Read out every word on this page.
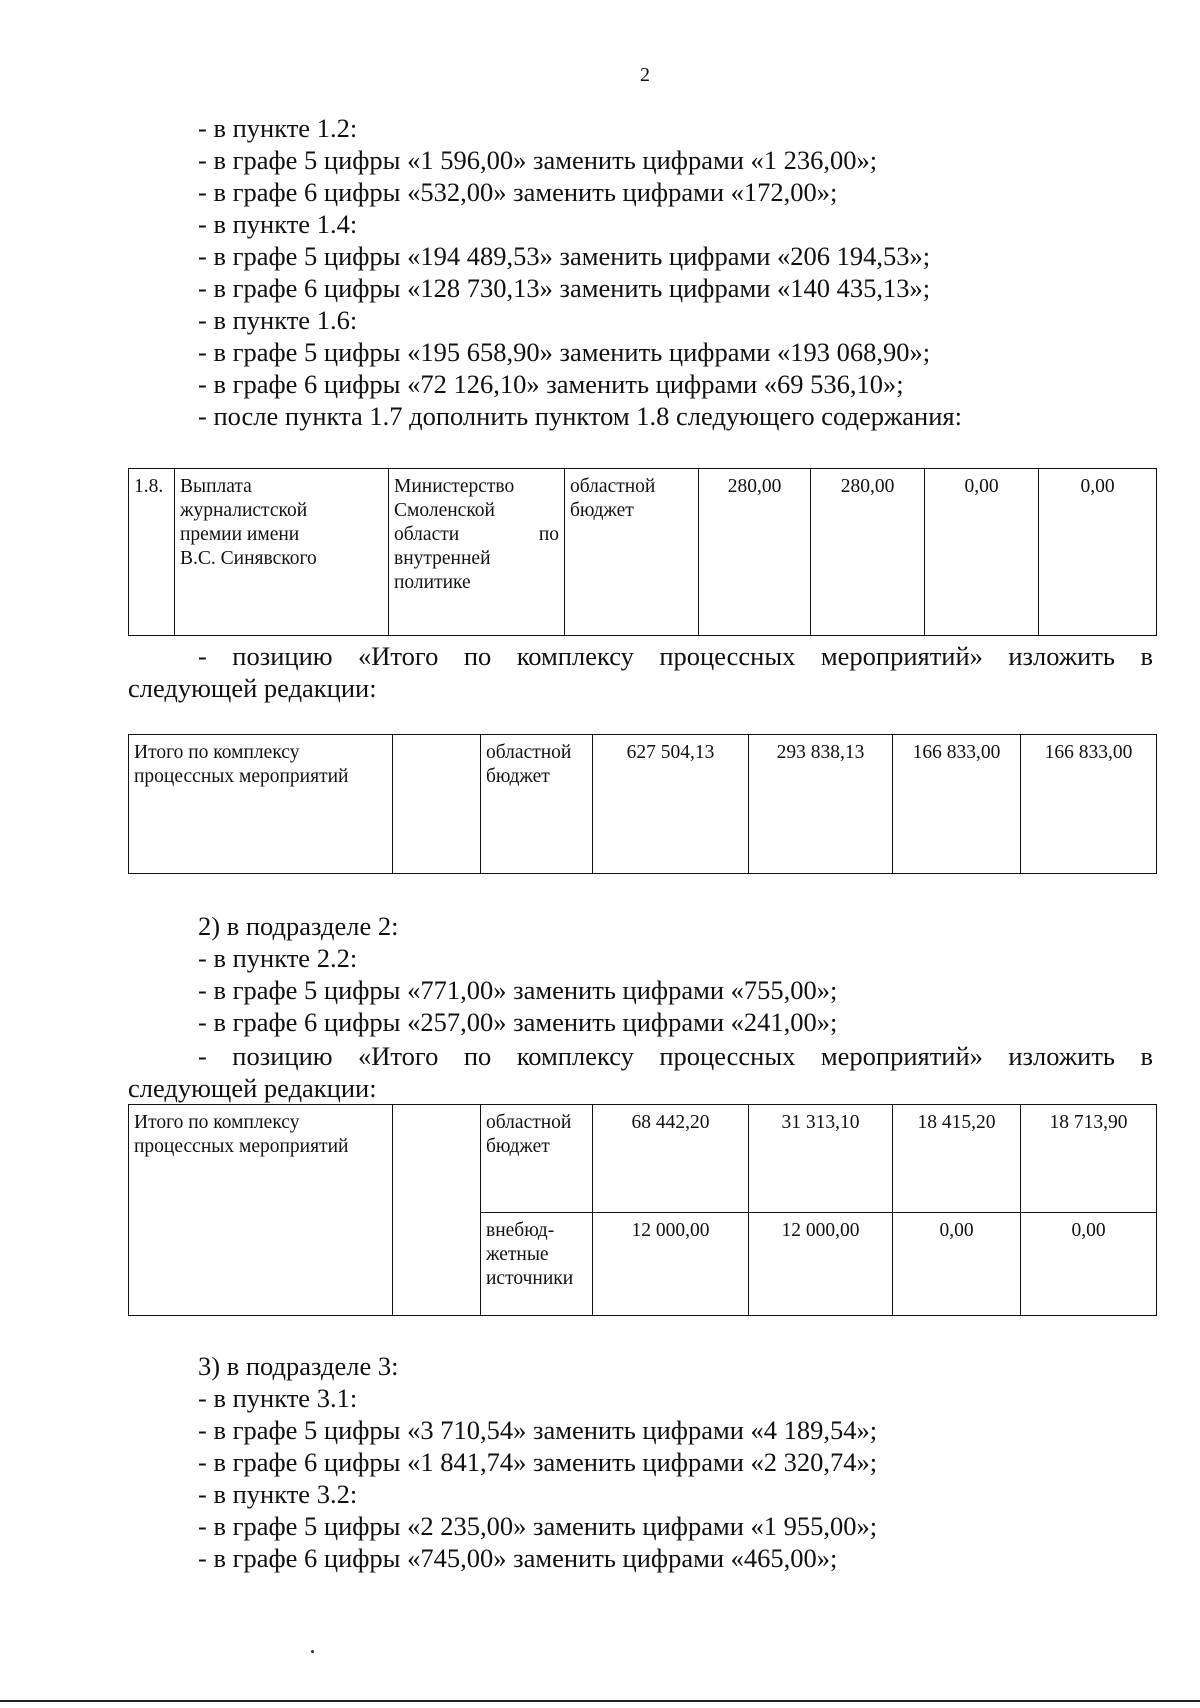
2
- в пункте 1.2:
- в графе 5 цифры «1 596,00» заменить цифрами «1 236,00»;
- в графе 6 цифры «532,00» заменить цифрами «172,00»;
- в пункте 1.4:
- в графе 5 цифры «194 489,53» заменить цифрами «206 194,53»;
- в графе 6 цифры «128 730,13» заменить цифрами «140 435,13»;
- в пункте 1.6:
- в графе 5 цифры «195 658,90» заменить цифрами «193 068,90»;
- в графе 6 цифры «72 126,10» заменить цифрами «69 536,10»;
- после пункта 1.7 дополнить пунктом 1.8 следующего содержания:
1.8.	Выплата
журналистской
премии имени
В.С. Синявского	Министерство
Смоленской

области	по
внутренней
политике	областной
бюджет	280,00	280,00	0,00	0,00
- позицию «Итого по комплексу процессных мероприятий» изложить в
следующей редакции:
Итого по комплексу
процессных мероприятий		областной
бюджет	627 504,13	293 838,13	166 833,00	166 833,00
2) в подразделе 2:
- в пункте 2.2:
- в графе 5 цифры «771,00» заменить цифрами «755,00»;
- в графе 6 цифры «257,00» заменить цифрами «241,00»;
- позицию «Итого по комплексу процессных мероприятий» изложить в
следующей редакции:
Итого по комплексу
процессных мероприятий		областной
бюджет	68 442,20	31 313,10	18 415,20	18 713,90
		внебюд-
жетные
источники	12 000,00	12 000,00	0,00	0,00
3) в подразделе 3:
- в пункте 3.1:
- в графе 5 цифры «3 710,54» заменить цифрами «4 189,54»;
- в графе 6 цифры «1 841,74» заменить цифрами «2 320,74»;
- в пункте 3.2:
- в графе 5 цифры «2 235,00» заменить цифрами «1 955,00»;
- в графе 6 цифры «745,00» заменить цифрами «465,00»;
